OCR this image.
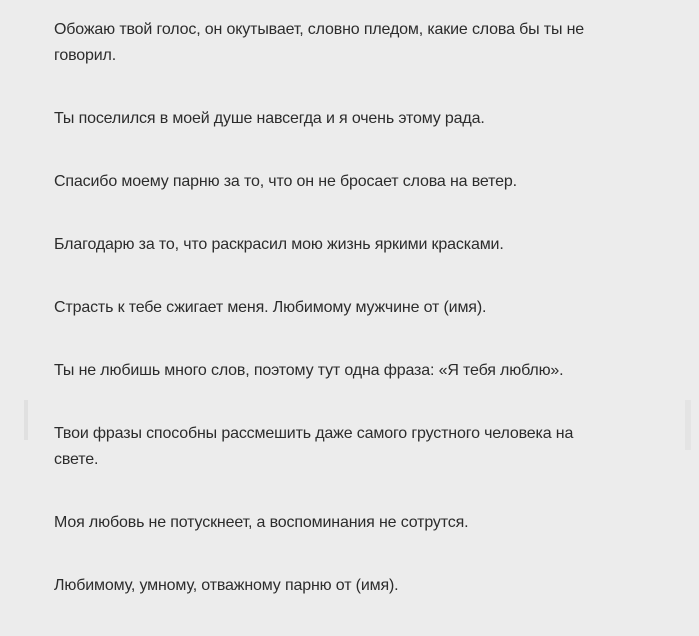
Обожаю твой голос, он окутывает, словно пледом, какие слова бы ты не говорил.

Ты поселился в моей душе навсегда и я очень этому рада.

Спасибо моему парню за то, что он не бросает слова на ветер.

Благодарю за то, что раскрасил мою жизнь яркими красками.

Страсть к тебе сжигает меня. Любимому мужчине от (имя).

Ты не любишь много слов, поэтому тут одна фраза: «Я тебя люблю».

Твои фразы способны рассмешить даже самого грустного человека на свете.

Моя любовь не потускнеет, а воспоминания не сотрутся.

Любимому, умному, отважному парню от (имя).
